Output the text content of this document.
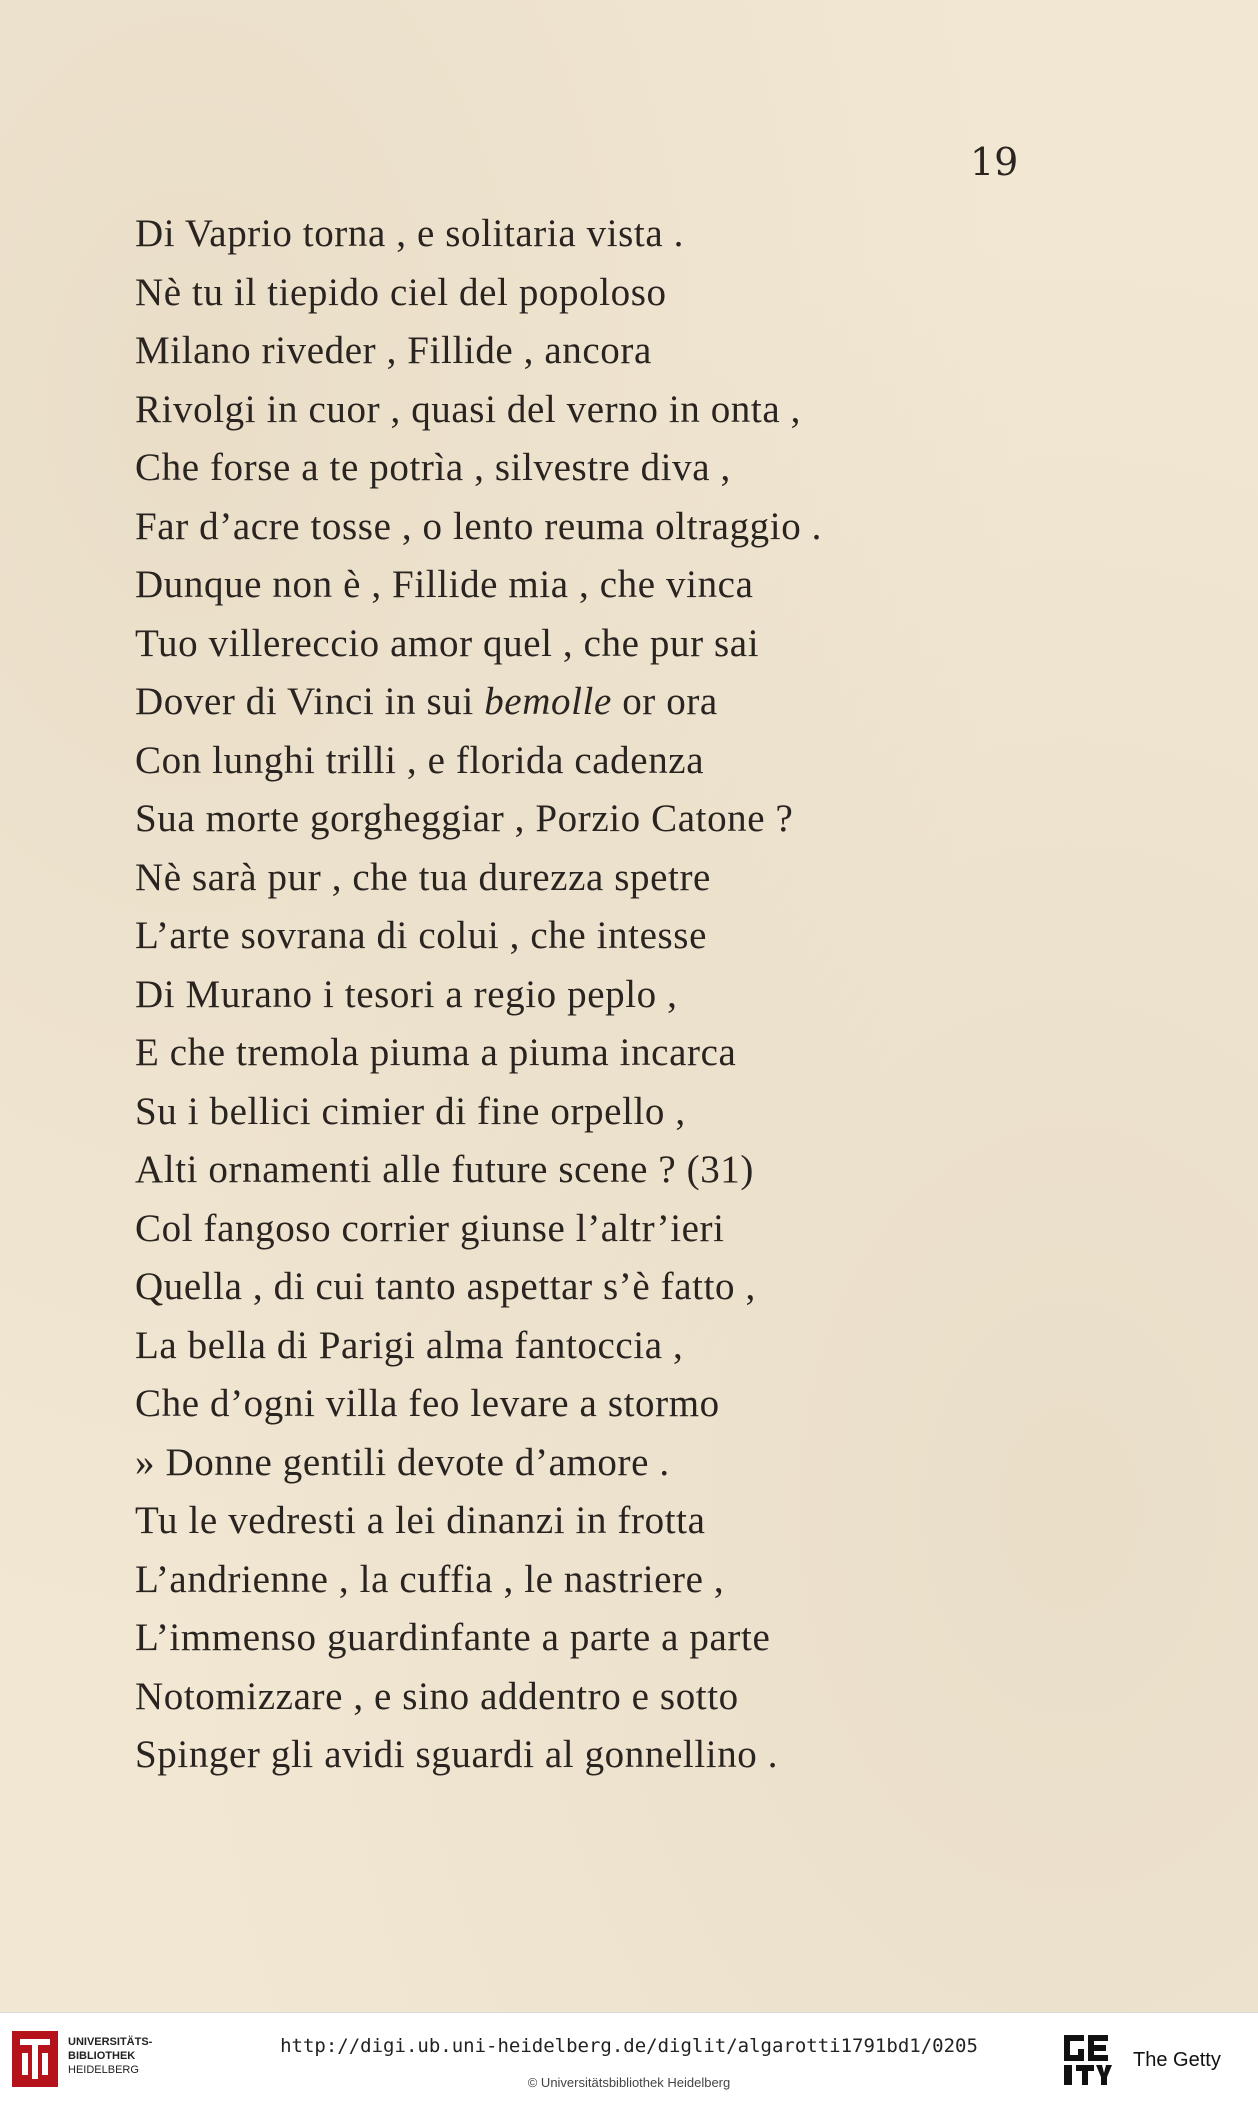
19
Di Vaprio torna , e solitaria vista .
Nè tu il tiepido ciel del popoloso
Milano riveder , Fillide , ancora
Rivolgi in cuor , quasi del verno in onta ,
Che forse a te potrìa , silvestre diva ,
Far d’acre tosse , o lento reuma oltraggio .
Dunque non è , Fillide mia , che vinca
Tuo villereccio amor quel , che pur sai
Dover di Vinci in sui bemolle or ora
Con lunghi trilli , e florida cadenza
Sua morte gorgheggiar , Porzio Catone ?
Nè sarà pur , che tua durezza spetre
L’arte sovrana di colui , che intesse
Di Murano i tesori a regio peplo ,
E che tremola piuma a piuma incarca
Su i bellici cimier di fine orpello ,
Alti ornamenti alle future scene ? (31)
Col fangoso corrier giunse l’altr’ieri
Quella , di cui tanto aspettar s’è fatto ,
La bella di Parigi alma fantoccia ,
Che d’ogni villa feo levare a stormo
» Donne gentili devote d’amore .
Tu le vedresti a lei dinanzi in frotta
L’andrienne , la cuffia , le nastriere ,
L’immenso guardinfante a parte a parte
Notomizzare , e sino addentro e sotto
Spinger gli avidi sguardi al gonnellino .
UNIVERSITÄTS-
BIBLIOTHEK
HEIDELBERG
http://digi.ub.uni-heidelberg.de/diglit/algarotti1791bd1/0205
© Universitätsbibliothek Heidelberg
The Getty
